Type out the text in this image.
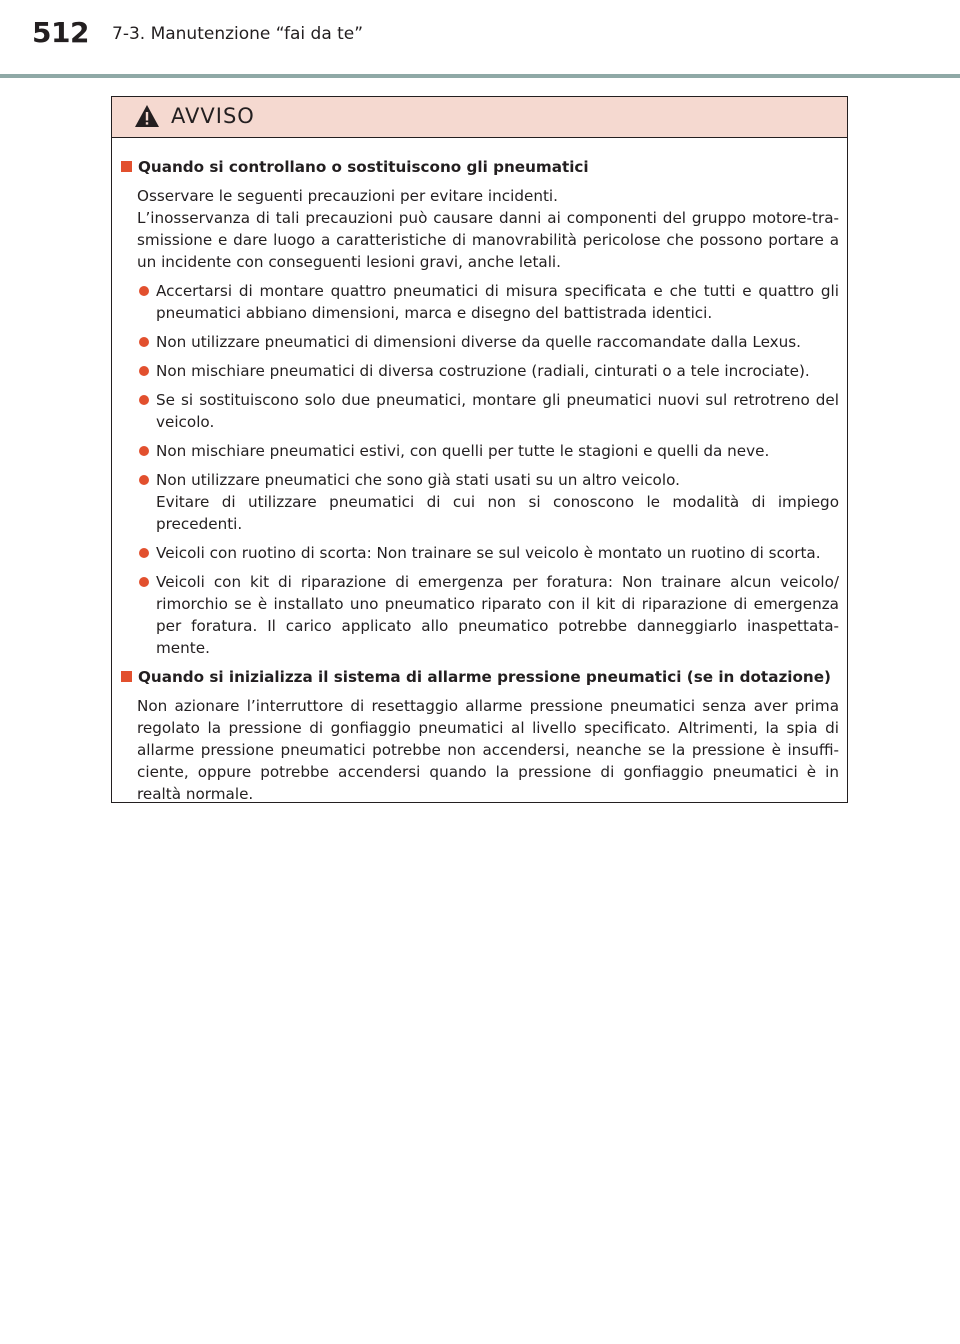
512 7-3. Manutenzione “fai da te”
AVVISO
Quando si controllano o sostituiscono gli pneumatici
Osservare le seguenti precauzioni per evitare incidenti.
L’inosservanza di tali precauzioni può causare danni ai componenti del gruppo motore-tra-smissione e dare luogo a caratteristiche di manovrabilità pericolose che possono portare a un incidente con conseguenti lesioni gravi, anche letali.
Accertarsi di montare quattro pneumatici di misura specificata e che tutti e quattro gli pneumatici abbiano dimensioni, marca e disegno del battistrada identici.
Non utilizzare pneumatici di dimensioni diverse da quelle raccomandate dalla Lexus.
Non mischiare pneumatici di diversa costruzione (radiali, cinturati o a tele incrociate).
Se si sostituiscono solo due pneumatici, montare gli pneumatici nuovi sul retrotreno del veicolo.
Non mischiare pneumatici estivi, con quelli per tutte le stagioni e quelli da neve.
Non utilizzare pneumatici che sono già stati usati su un altro veicolo.
Evitare di utilizzare pneumatici di cui non si conoscono le modalità di impiego precedenti.
Veicoli con ruotino di scorta: Non trainare se sul veicolo è montato un ruotino di scorta.
Veicoli con kit di riparazione di emergenza per foratura: Non trainare alcun veicolo/ rimorchio se è installato uno pneumatico riparato con il kit di riparazione di emergenza per foratura. Il carico applicato allo pneumatico potrebbe danneggiarlo inaspettata-mente.
Quando si inizializza il sistema di allarme pressione pneumatici (se in dotazione)
Non azionare l’interruttore di resettaggio allarme pressione pneumatici senza aver prima regolato la pressione di gonfiaggio pneumatici al livello specificato. Altrimenti, la spia di allarme pressione pneumatici potrebbe non accendersi, neanche se la pressione è insuffi-ciente, oppure potrebbe accendersi quando la pressione di gonfiaggio pneumatici è in realtà normale.
